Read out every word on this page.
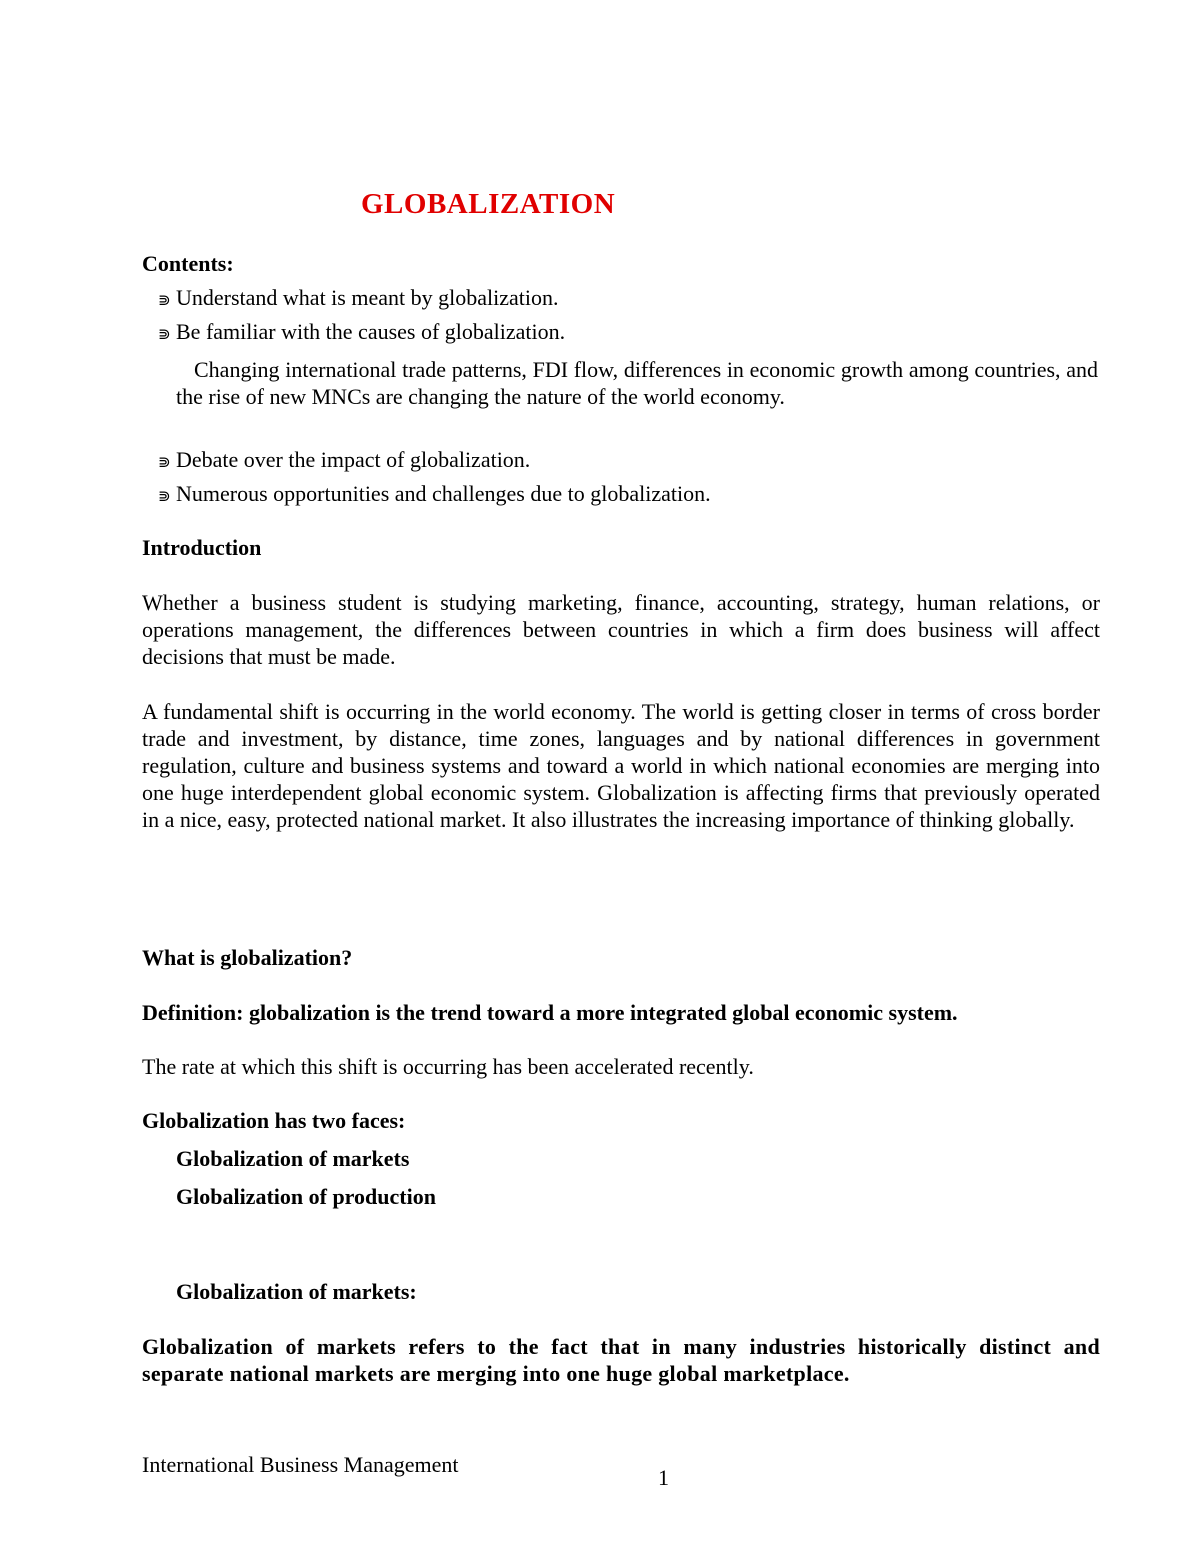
GLOBALIZATION
Contents:
⋑ Understand what is meant by globalization.
⋑ Be familiar with the causes of globalization.
Changing international trade patterns, FDI flow, differences in economic growth among countries, and the rise of new MNCs are changing the nature of the world economy.
⋑ Debate over the impact of globalization.
⋑ Numerous opportunities and challenges due to globalization.
Introduction
Whether a business student is studying marketing, finance, accounting, strategy, human relations, or operations management, the differences between countries in which a firm does business will affect decisions that must be made.
A fundamental shift is occurring in the world economy. The world is getting closer in terms of cross border trade and investment, by distance, time zones, languages and by national differences in government regulation, culture and business systems and toward a world in which national economies are merging into one huge interdependent global economic system. Globalization is affecting firms that previously operated in a nice, easy, protected national market. It also illustrates the increasing importance of thinking globally.
What is globalization?
Definition: globalization is the trend toward a more integrated global economic system.
The rate at which this shift is occurring has been accelerated recently.
Globalization has two faces:
Globalization of markets
Globalization of production
Globalization of markets:
Globalization of markets refers to the fact that in many industries historically distinct and separate national markets are merging into one huge global marketplace.
International Business Management
1
